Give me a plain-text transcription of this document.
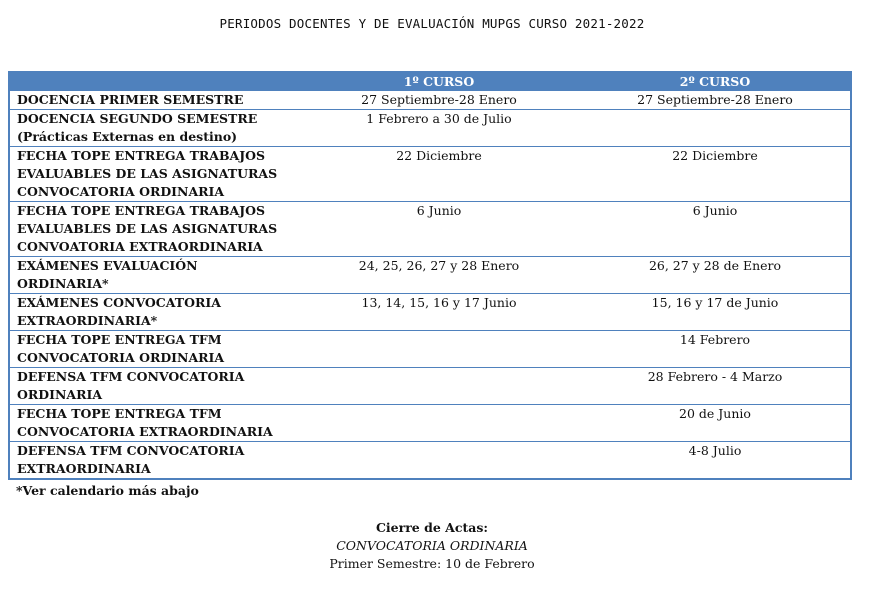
PERIODOS DOCENTES Y DE EVALUACIÓN MUPGS CURSO 2021-2022
	1º CURSO	2º CURSO

DOCENCIA PRIMER SEMESTRE	27 Septiembre-28 Enero	27 Septiembre-28 Enero

DOCENCIA SEGUNDO SEMESTRE
(Prácticas Externas en destino)	1 Febrero a 30 de Julio	

FECHA TOPE ENTREGA TRABAJOS
EVALUABLES DE LAS ASIGNATURAS
CONVOCATORIA ORDINARIA	22 Diciembre	22 Diciembre

FECHA TOPE ENTREGA TRABAJOS
EVALUABLES DE LAS ASIGNATURAS
CONVOATORIA EXTRAORDINARIA	6 Junio	6 Junio

EXÁMENES EVALUACIÓN
ORDINARIA*	24, 25, 26, 27 y 28 Enero	26, 27 y 28 de Enero

EXÁMENES CONVOCATORIA
EXTRAORDINARIA*	13, 14, 15, 16 y 17 Junio	15, 16 y 17 de Junio

FECHA TOPE ENTREGA TFM
CONVOCATORIA ORDINARIA		14 Febrero

DEFENSA TFM CONVOCATORIA
ORDINARIA		28 Febrero - 4 Marzo

FECHA TOPE ENTREGA TFM
CONVOCATORIA EXTRAORDINARIA		20 de Junio

DEFENSA TFM CONVOCATORIA
EXTRAORDINARIA		4-8 Julio
*Ver calendario más abajo
Cierre de Actas:
CONVOCATORIA ORDINARIA
Primer Semestre: 10 de Febrero
